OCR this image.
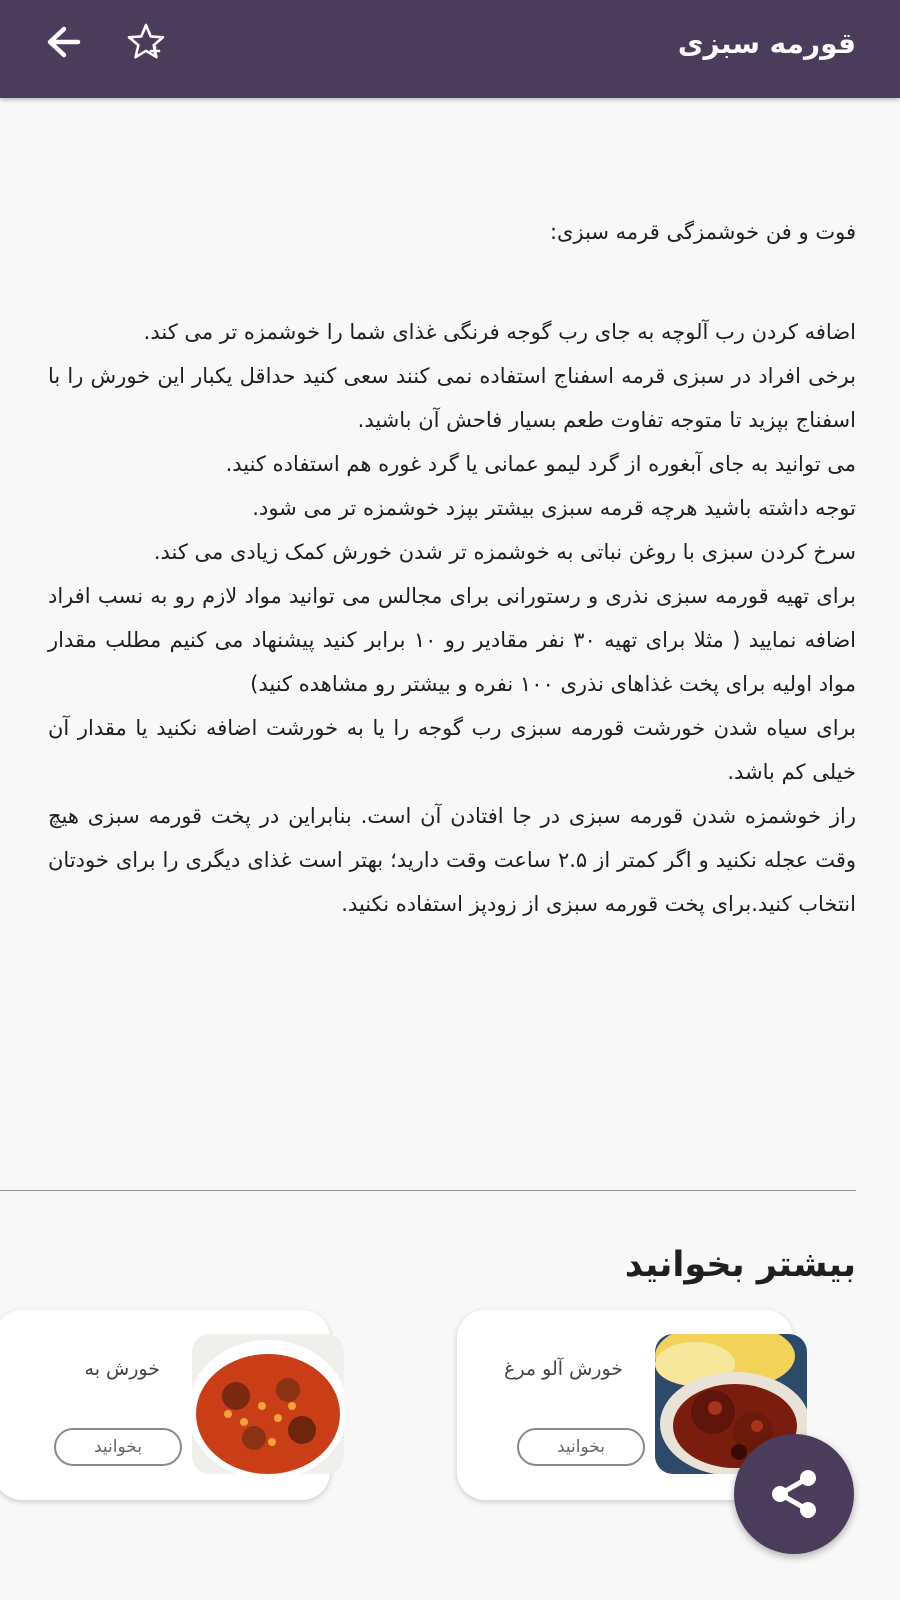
قورمه سبزی

فوت و فن خوشمزگی قرمه سبزی:

اضافه کردن رب آلوچه به جای رب گوجه فرنگی غذای شما را خوشمزه تر می کند.
برخی افراد در سبزی قرمه اسفناج استفاده نمی کنند سعی کنید حداقل یکبار این خورش را با اسفناج بپزید تا متوجه تفاوت طعم بسیار فاحش آن باشید.
می توانید به جای آبغوره از گرد لیمو عمانی یا گرد غوره هم استفاده کنید.
توجه داشته باشید هرچه قرمه سبزی بیشتر بپزد خوشمزه تر می شود.
سرخ کردن سبزی با روغن نباتی به خوشمزه تر شدن خورش کمک زیادی می کند.
برای تهیه قورمه سبزی نذری و رستورانی برای مجالس می توانید مواد لازم رو به نسب افراد اضافه نمایید ( مثلا برای تهیه ۳۰ نفر مقادیر رو ۱۰ برابر کنید پیشنهاد می کنیم مطلب مقدار مواد اولیه برای پخت غذاهای نذری ۱۰۰ نفره و بیشتر رو مشاهده کنید)
برای سیاه شدن خورشت قورمه سبزی رب گوجه را یا به خورشت اضافه نکنید یا مقدار آن خیلی کم باشد.
راز خوشمزه شدن قورمه سبزی در جا افتادن آن است. بنابراین در پخت قورمه سبزی هیچ وقت عجله نکنید و اگر کمتر از ۲.۵ ساعت وقت دارید؛ بهتر است غذای دیگری را برای خودتان انتخاب کنید.برای پخت قورمه سبزی از زودپز استفاده نکنید.

بیشتر بخوانید
خورش آلو مرغ
بخوانید
خورش به
بخوانید
